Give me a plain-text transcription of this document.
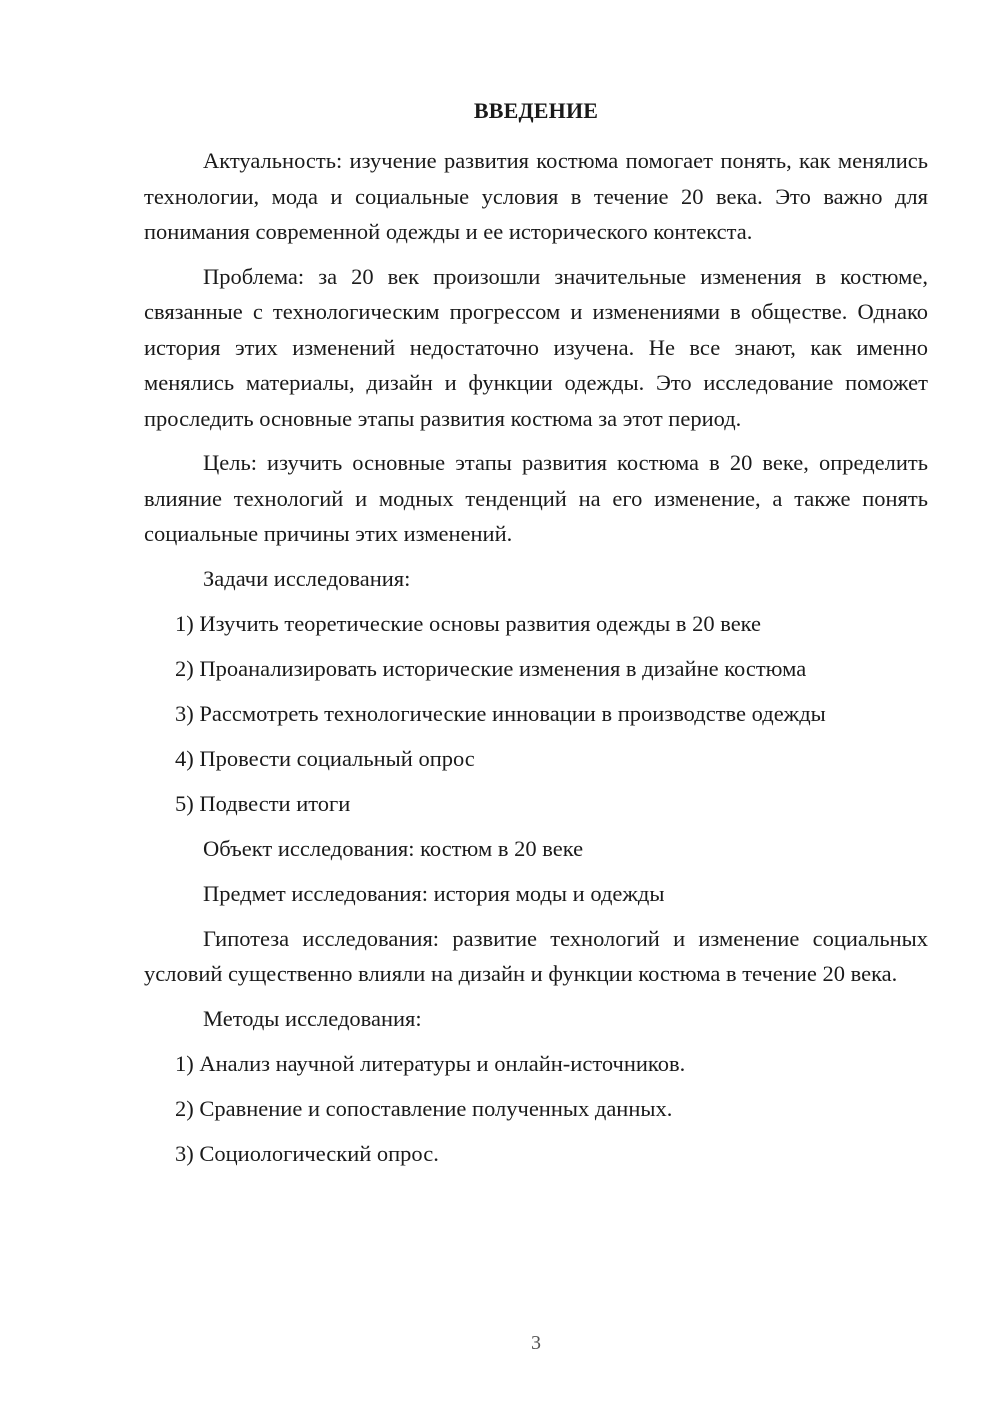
ВВЕДЕНИЕ

Актуальность: изучение развития костюма помогает понять, как менялись технологии, мода и социальные условия в течение 20 века. Это важно для понимания современной одежды и ее исторического контекста.

Проблема: за 20 век произошли значительные изменения в костюме, связанные с технологическим прогрессом и изменениями в обществе. Однако история этих изменений недостаточно изучена. Не все знают, как именно менялись материалы, дизайн и функции одежды. Это исследование поможет проследить основные этапы развития костюма за этот период.

Цель: изучить основные этапы развития костюма в 20 веке, определить влияние технологий и модных тенденций на его изменение, а также понять социальные причины этих изменений.

Задачи исследования:

1) Изучить теоретические основы развития одежды в 20 веке

2) Проанализировать исторические изменения в дизайне костюма

3) Рассмотреть технологические инновации в производстве одежды

4) Провести социальный опрос

5) Подвести итоги

Объект исследования: костюм в 20 веке

Предмет исследования: история моды и одежды

Гипотеза исследования: развитие технологий и изменение социальных условий существенно влияли на дизайн и функции костюма в течение 20 века.

Методы исследования:

1) Анализ научной литературы и онлайн-источников.

2) Сравнение и сопоставление полученных данных.

3) Социологический опрос.

3
